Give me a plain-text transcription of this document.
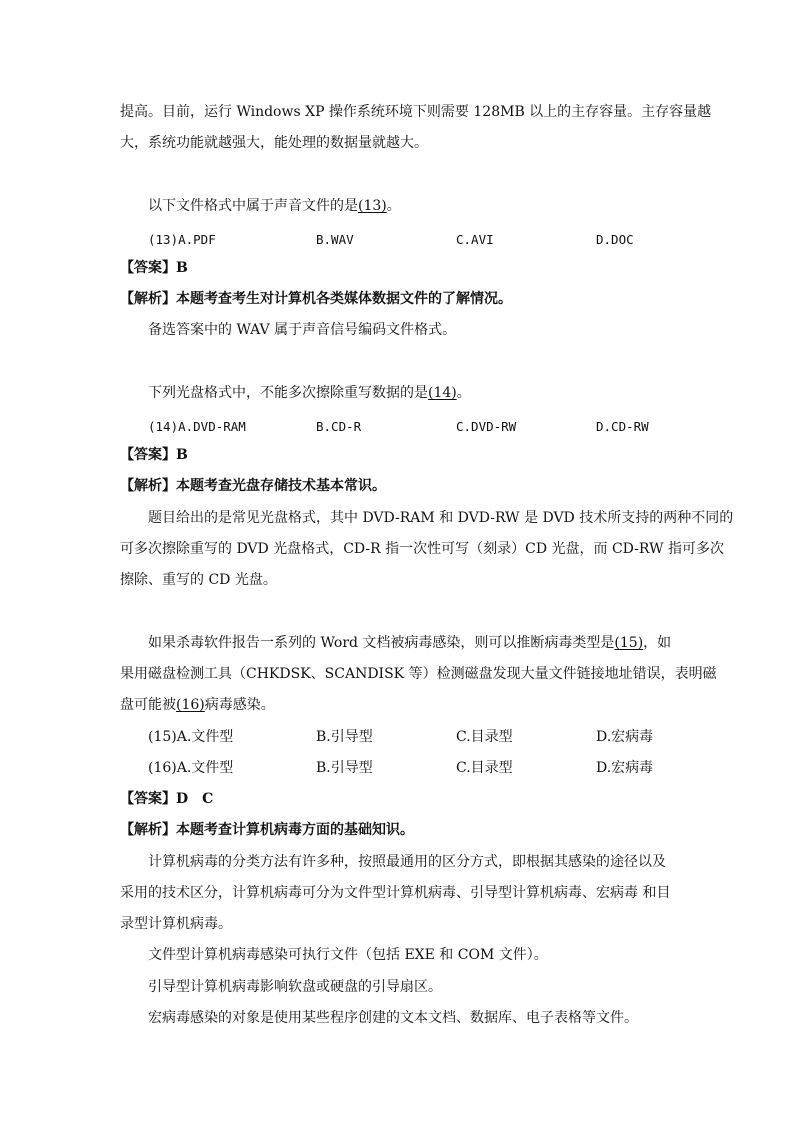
提高。目前，运行 Windows XP 操作系统环境下则需要 128MB 以上的主存容量。主存容量越
大，系统功能就越强大，能处理的数据量就越大。
以下文件格式中属于声音文件的是(13)。
(13)A.PDF	B.WAV	C.AVI	D.DOC
【答案】B
【解析】本题考查考生对计算机各类媒体数据文件的了解情况。
备选答案中的 WAV 属于声音信号编码文件格式。
下列光盘格式中，不能多次擦除重写数据的是(14)。
(14)A.DVD-RAM	B.CD-R	C.DVD-RW	D.CD-RW
【答案】B
【解析】本题考查光盘存储技术基本常识。
题目给出的是常见光盘格式，其中 DVD-RAM 和 DVD-RW 是 DVD 技术所支持的两种不同的
可多次擦除重写的 DVD 光盘格式，CD-R 指一次性可写（刻录）CD 光盘，而 CD-RW 指可多次
擦除、重写的 CD 光盘。
如果杀毒软件报告一系列的 Word 文档被病毒感染，则可以推断病毒类型是(15)，如
果用磁盘检测工具（CHKDSK、SCANDISK 等）检测磁盘发现大量文件链接地址错误，表明磁
盘可能被(16)病毒感染。
(15)A.文件型	B.引导型	C.目录型	D.宏病毒
(16)A.文件型	B.引导型	C.目录型	D.宏病毒
【答案】D　C
【解析】本题考查计算机病毒方面的基础知识。
计算机病毒的分类方法有许多种，按照最通用的区分方式，即根据其感染的途径以及
采用的技术区分，计算机病毒可分为文件型计算机病毒、引导型计算机病毒、宏病毒 和目
录型计算机病毒。
文件型计算机病毒感染可执行文件（包括 EXE 和 COM 文件）。
引导型计算机病毒影响软盘或硬盘的引导扇区。
宏病毒感染的对象是使用某些程序创建的文本文档、数据库、电子表格等文件。
